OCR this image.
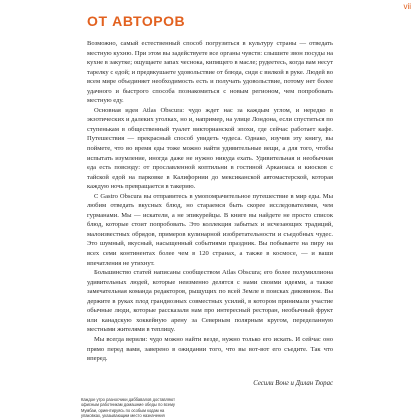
vii
ОТ АВТОРОВ

Возможно, самый естественный способ погрузиться в культуру страны — отведать местную кухню. При этом вы задействуете все органы чувств: слышите звон посуды на кухне в закутке; ощущаете запах чеснока, кипящего в масле; рудеетесь, когда вам несут тарелку с едой; и предвкушаете удовольствие от блюда, сидя с вилкой в руке. Людей во всем мире объединяет необходимость есть и получать удовольствие, потому нет более удачного и быстрого способа познакомиться с новым регионом, чем попробовать местную еду.

Основная идея Atlas Obscura: чудо ждет нас за каждым углом, и нередко в экзотических и далеких уголках, но и, например, на улице Лондона, если спуститься по ступенькам в общественный туалет викторианской эпохи, где сейчас работает кафе. Путешествия — прекрасный способ увидеть чудеса. Однако, изучив эту книгу, вы поймете, что во время еды тоже можно найти удивительные вещи, а для того, чтобы испытать изумление, иногда даже не нужно никуда ехать. Удивительная и необычная еда есть повсюду: от прославленной коптильни в гостиной Арканзаса и киосков с тайской едой на парковке в Калифорнии до мексиканской автомастерской, которая каждую ночь превращается в такерию.

С Gastro Obscura вы отправитесь в умопомрачительное путешествие в мир еды. Мы любим отведать вкусных блюд, но стараемся быть скорее исследователями, чем гурманами. Мы — искатели, а не эпикурейцы. В книге вы найдете не просто список блюд, которые стоит попробовать. Это коллекция забытых и исчезающих традиций, малоизвестных обрядов, примеров кулинарной изобретательности и съедобных чудес. Это шумный, вкусный, насыщенный событиями праздник. Вы побываете на пиру на всех семи континентах более чем в 120 странах, а также в космосе, — и ваши впечатления не утихнут.

Большинство статей написаны сообществом Atlas Obscura; его более полумиллиона удивительных людей, которые неизменно делятся с нами своими идеями, а также замечательная команда редакторов, рыщущих по всей Земле в поисках диковинок. Вы держите в руках плод грандиозных совместных усилий, в котором принимали участие обычные люди, которые рассказали нам про интересный ресторан, необычный фрукт или канадскую хоккейную арену за Северным полярным кругом, переделанную местными жителями в теплицу.

Мы всегда верили: чудо можно найти везде, нужно только его искать. И сейчас оно прямо перед вами, заверено в ожидании того, что вы вот-вот его съедите. Так что вперед.

Сесили Вонг и Дилан Тюрас
Каждое утро разносчики даббавалов доставляют офисным работникам домашние обеды по всему Мумбаи, ориентируясь по особым кодам на упаковках, указывающим место назначения
